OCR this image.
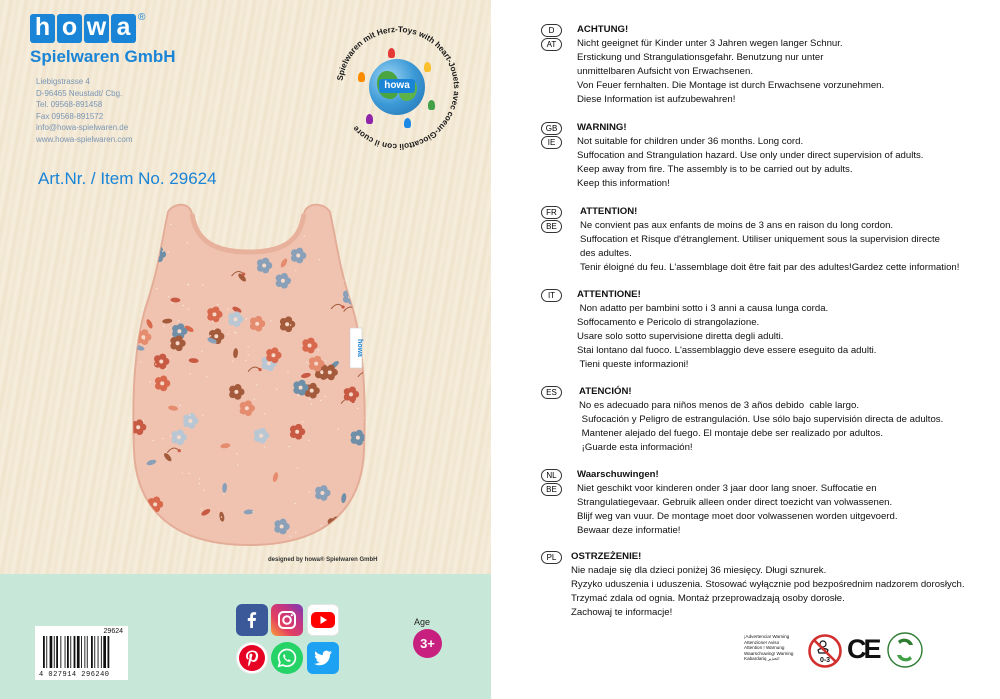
h o w a ®
Spielwaren GmbH
Liebigstrasse 4
D-96465 Neustadt/ Cbg.
Tel. 09568-891458
Fax 09568-891572
info@howa-spielwaren.de
www.howa-spielwaren.com
Spielwaren mit Herz-Toys with heart-Jouets avec coeur-Giocattoli con il cuore
howa
Art.Nr. / Item No. 29624
howa
designed by howa® Spielwaren GmbH
29624
4 027914 296240
Age
3+
D
AT
ACHTUNG!
Nicht geeignet für Kinder unter 3 Jahren wegen langer Schnur.
Erstickung und Strangulationsgefahr. Benutzung nur unter
unmittelbaren Aufsicht von Erwachsenen.
Von Feuer fernhalten. Die Montage ist durch Erwachsene vorzunehmen.
Diese Information ist aufzubewahren!
GB
IE
WARNING!
Not suitable for children under 36 months. Long cord.
Suffocation and Strangulation hazard. Use only under direct supervision of adults.
Keep away from fire. The assembly is to be carried out by adults.
Keep this information!
FR
BE
ATTENTION!
Ne convient pas aux enfants de moins de 3 ans en raison du long cordon.
Suffocation et Risque d'étranglement. Utiliser uniquement sous la supervision directe
des adultes.
Tenir éloigné du feu. L'assemblage doit être fait par des adultes!Gardez cette information!
IT	ATTENTIONE!
Non adatto per bambini sotto i 3 anni a causa lunga corda.
Soffocamento e Pericolo di strangolazione.
Usare solo sotto supervisione diretta degli adulti.
Stai lontano dal fuoco. L'assemblaggio deve essere eseguito da adulti.
Tieni queste informazioni!
ES	ATENCIÓN!
No es adecuado para niños menos de 3 años debido  cable largo.
Sufocación y Peligro de estrangulación. Use sólo bajo supervisión directa de adultos.
Mantener alejado del fuego. El montaje debe ser realizado por adultos.
¡Guarde esta información!
NL
BE
Waarschuwingen!
Niet geschikt voor kinderen onder 3 jaar door lang snoer. Suffocatie en
Strangulatiegevaar. Gebruik alleen onder direct toezicht van volwassenen.
Blijf weg van vuur. De montage moet door volwassenen worden uitgevoerd.
Bewaar deze informatie!
PL	OSTRZEŻENIE!
Nie nadaje się dla dzieci poniżej 36 miesięcy. Długi sznurek.
Ryzyko uduszenia i uduszenia. Stosować wyłącznie pod bezpośrednim nadzorem dorosłych.
Trzymać zdala od ognia. Montaż przeprowadzają osoby dorosłe.
Zachowaj te informacje!
¡Advertencia! Warning
Attenzione! Aviso
Attention ! Warnung
Waarschuwing! Warning
Kabardariq تحذير!	0-3 CE
